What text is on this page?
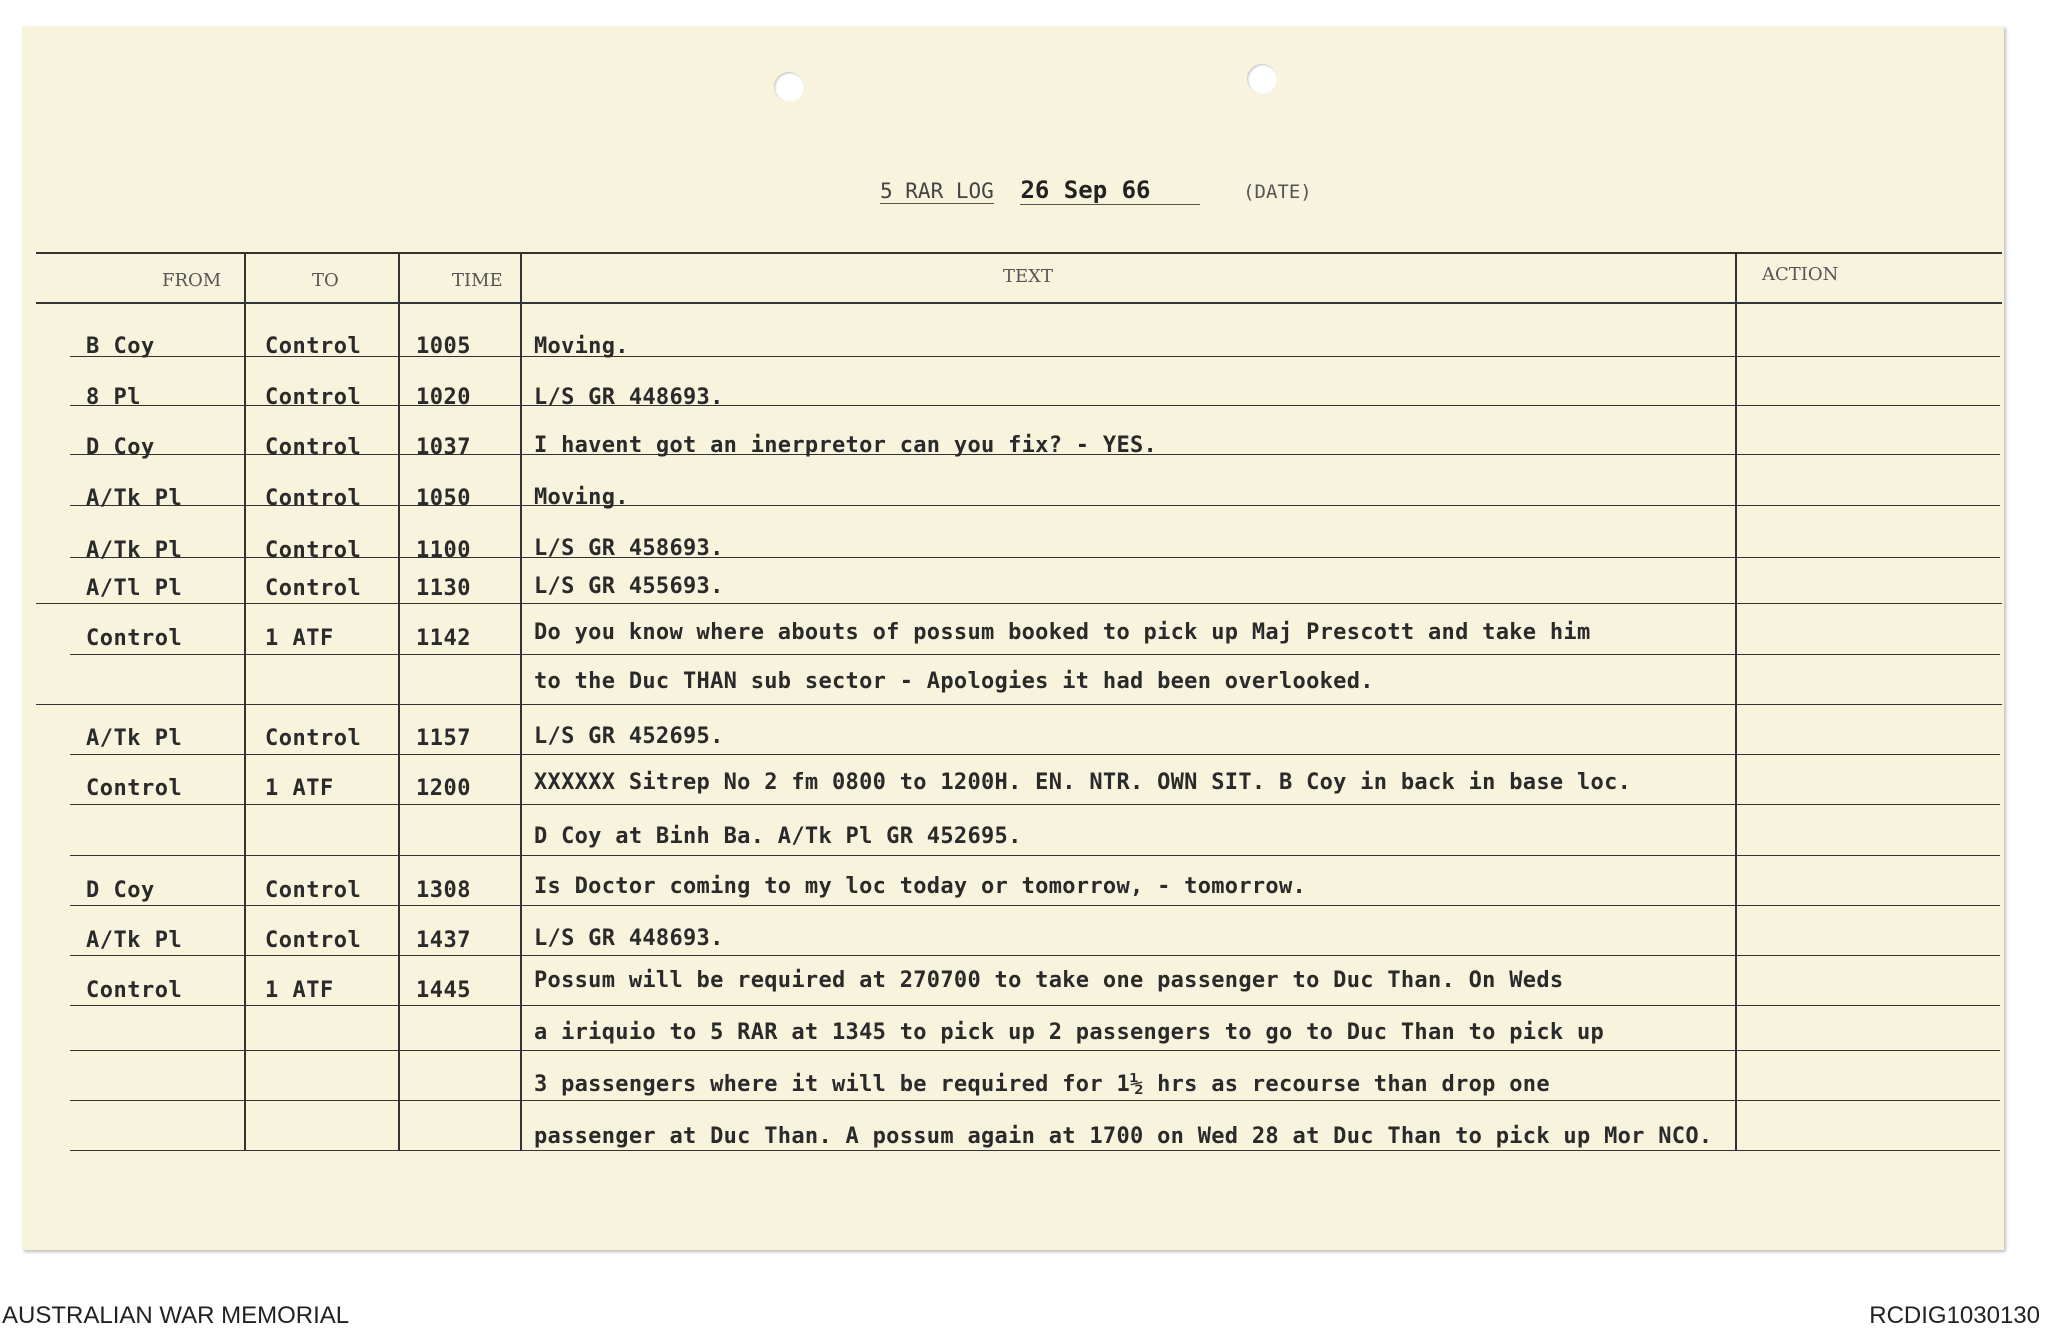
5 RAR LOG 26 Sep 66	(DATE)
FROM	TO	TIME	TEXT	ACTION
B Coy	Control 1005	Moving.
8 Pl	Control 1020	L/S GR 448693.
D Coy	Control 1037	I havent got an inerpretor can you fix? - YES.
A/Tk Pl	Control 1050	Moving.
A/Tk Pl	Control 1100	L/S GR 458693.
A/Tl Pl	Control 1130	L/S GR 455693.
Control	1 ATF	1142	Do you know where abouts of possum booked to pick up Maj Prescott and take him
to the Duc THAN sub sector - Apologies it had been overlooked.
A/Tk Pl	Control 1157	L/S GR 452695.
Control	1 ATF	1200	XXXXXX Sitrep No 2 fm 0800 to 1200H. EN. NTR. OWN SIT. B Coy in back in base loc.
D Coy at Binh Ba. A/Tk Pl GR 452695.
D Coy	Control 1308	Is Doctor coming to my loc today or tomorrow, - tomorrow.
A/Tk Pl	Control 1437	L/S GR 448693.
Control	1 ATF	1445	Possum will be required at 270700 to take one passenger to Duc Than. On Weds
a iriquio to 5 RAR at 1345 to pick up 2 passengers to go to Duc Than to pick up
3 passengers where it will be required for 1½ hrs as recourse than drop one
passenger at Duc Than. A possum again at 1700 on Wed 28 at Duc Than to pick up Mor NCO.
AUSTRALIAN WAR MEMORIAL	RCDIG1030130
